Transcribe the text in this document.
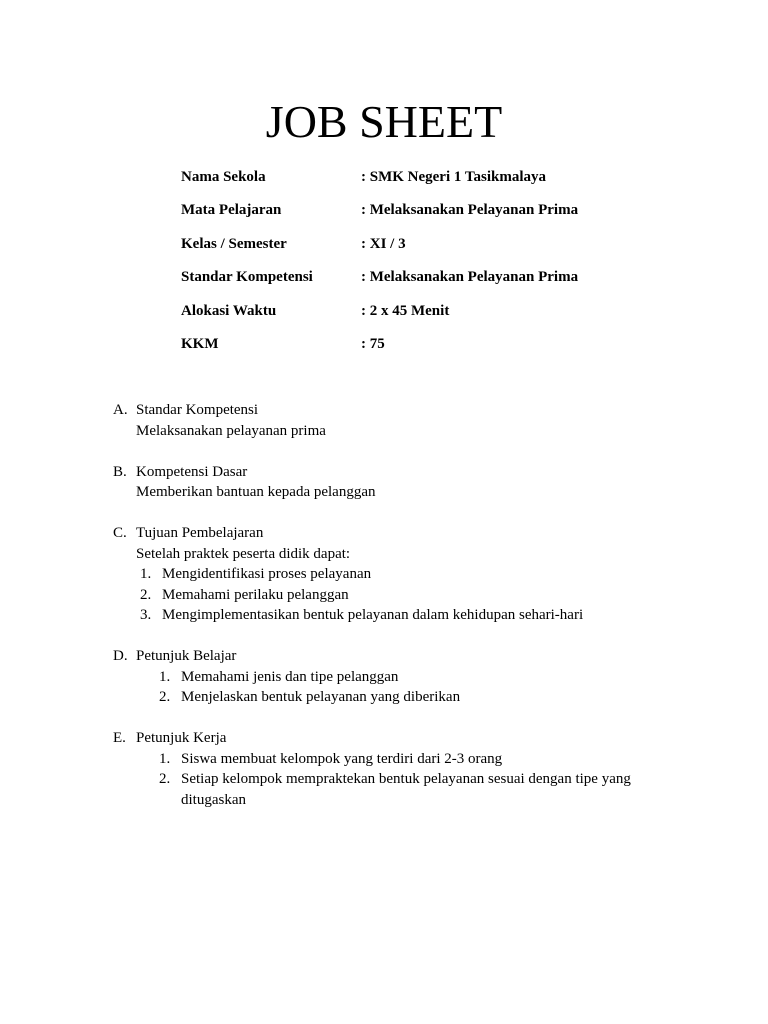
JOB SHEET
Nama Sekola	: SMK Negeri 1 Tasikmalaya
Mata Pelajaran	: Melaksanakan Pelayanan Prima
Kelas / Semester	: XI / 3
Standar Kompetensi	: Melaksanakan Pelayanan Prima
Alokasi Waktu	: 2 x 45 Menit
KKM	: 75
A. Standar Kompetensi
Melaksanakan pelayanan prima
B. Kompetensi Dasar
Memberikan bantuan kepada pelanggan
C. Tujuan Pembelajaran
Setelah praktek peserta didik dapat:
1. Mengidentifikasi proses pelayanan
2. Memahami perilaku pelanggan
3. Mengimplementasikan bentuk pelayanan dalam kehidupan sehari-hari
D. Petunjuk Belajar
1. Memahami jenis dan tipe pelanggan
2. Menjelaskan bentuk pelayanan yang diberikan
E. Petunjuk Kerja
1. Siswa membuat kelompok yang terdiri dari 2-3 orang
2. Setiap kelompok mempraktekan bentuk pelayanan sesuai dengan tipe yang ditugaskan
